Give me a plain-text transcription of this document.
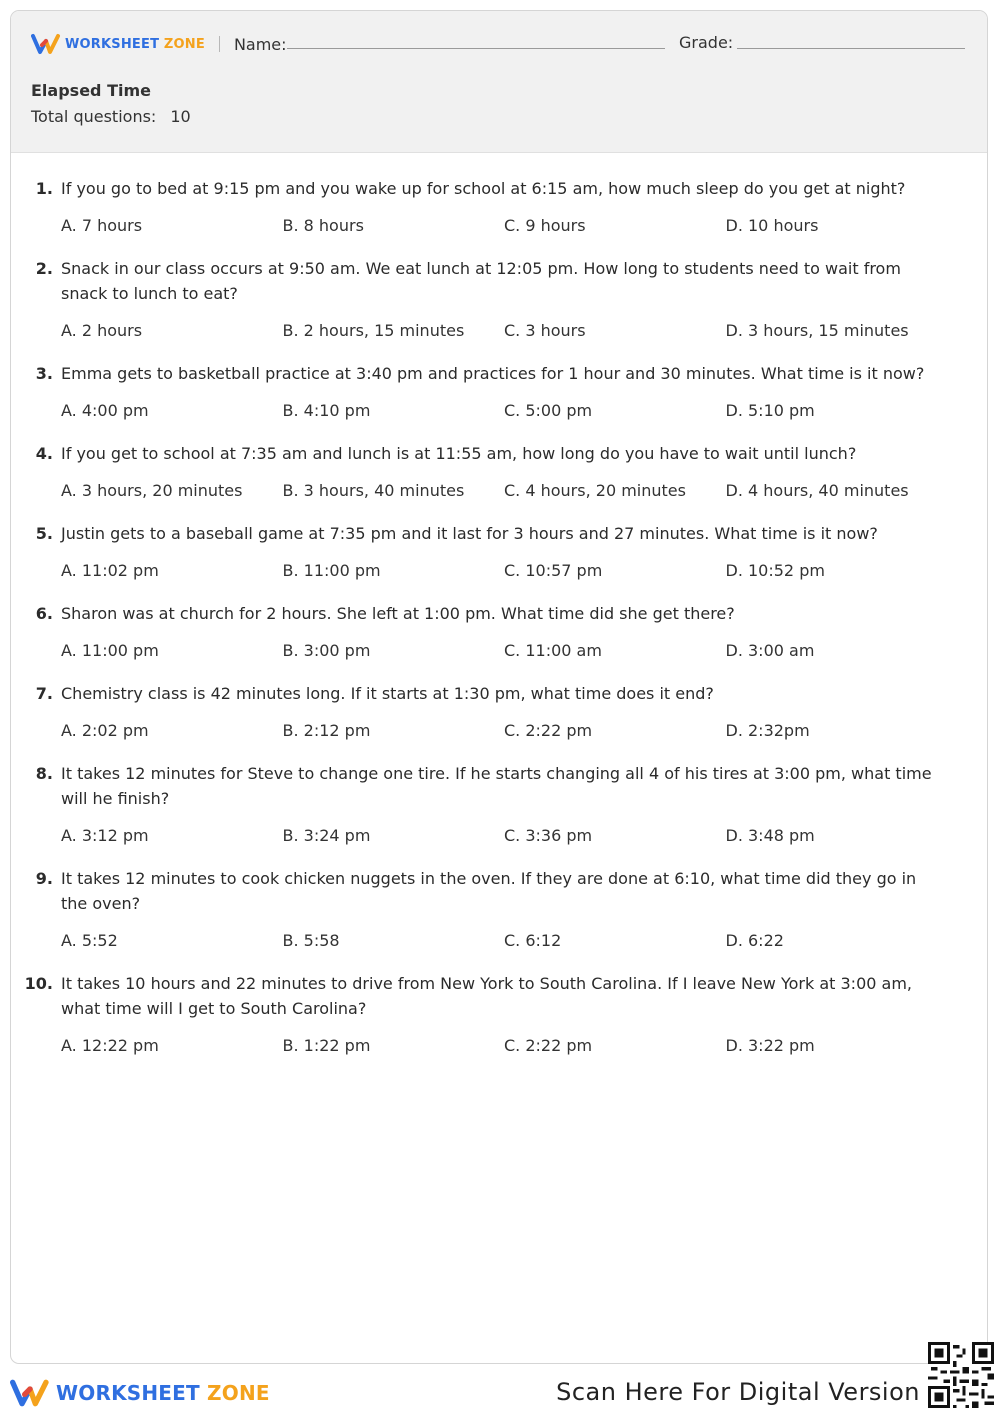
WORKSHEET ZONE Name:	Grade:
Elapsed Time
Total questions: 10
1. If you go to bed at 9:15 pm and you wake up for school at 6:15 am, how much sleep do you get at night?
A. 7 hours	B. 8 hours	C. 9 hours	D. 10 hours
2. Snack in our class occurs at 9:50 am. We eat lunch at 12:05 pm. How long to students need to wait from snack to lunch to eat?
A. 2 hours	B. 2 hours, 15 minutes	C. 3 hours	D. 3 hours, 15 minutes
3. Emma gets to basketball practice at 3:40 pm and practices for 1 hour and 30 minutes. What time is it now?
A. 4:00 pm	B. 4:10 pm	C. 5:00 pm	D. 5:10 pm
4. If you get to school at 7:35 am and lunch is at 11:55 am, how long do you have to wait until lunch?
A. 3 hours, 20 minutes	B. 3 hours, 40 minutes	C. 4 hours, 20 minutes	D. 4 hours, 40 minutes
5. Justin gets to a baseball game at 7:35 pm and it last for 3 hours and 27 minutes. What time is it now?
A. 11:02 pm	B. 11:00 pm	C. 10:57 pm	D. 10:52 pm
6. Sharon was at church for 2 hours. She left at 1:00 pm. What time did she get there?
A. 11:00 pm	B. 3:00 pm	C. 11:00 am	D. 3:00 am
7. Chemistry class is 42 minutes long. If it starts at 1:30 pm, what time does it end?
A. 2:02 pm	B. 2:12 pm	C. 2:22 pm	D. 2:32pm
8. It takes 12 minutes for Steve to change one tire. If he starts changing all 4 of his tires at 3:00 pm, what time will he finish?
A. 3:12 pm	B. 3:24 pm	C. 3:36 pm	D. 3:48 pm
9. It takes 12 minutes to cook chicken nuggets in the oven. If they are done at 6:10, what time did they go in the oven?
A. 5:52	B. 5:58	C. 6:12	D. 6:22
10. It takes 10 hours and 22 minutes to drive from New York to South Carolina. If I leave New York at 3:00 am, what time will I get to South Carolina?
A. 12:22 pm	B. 1:22 pm	C. 2:22 pm	D. 3:22 pm
WORKSHEET ZONE	Scan Here For Digital Version
